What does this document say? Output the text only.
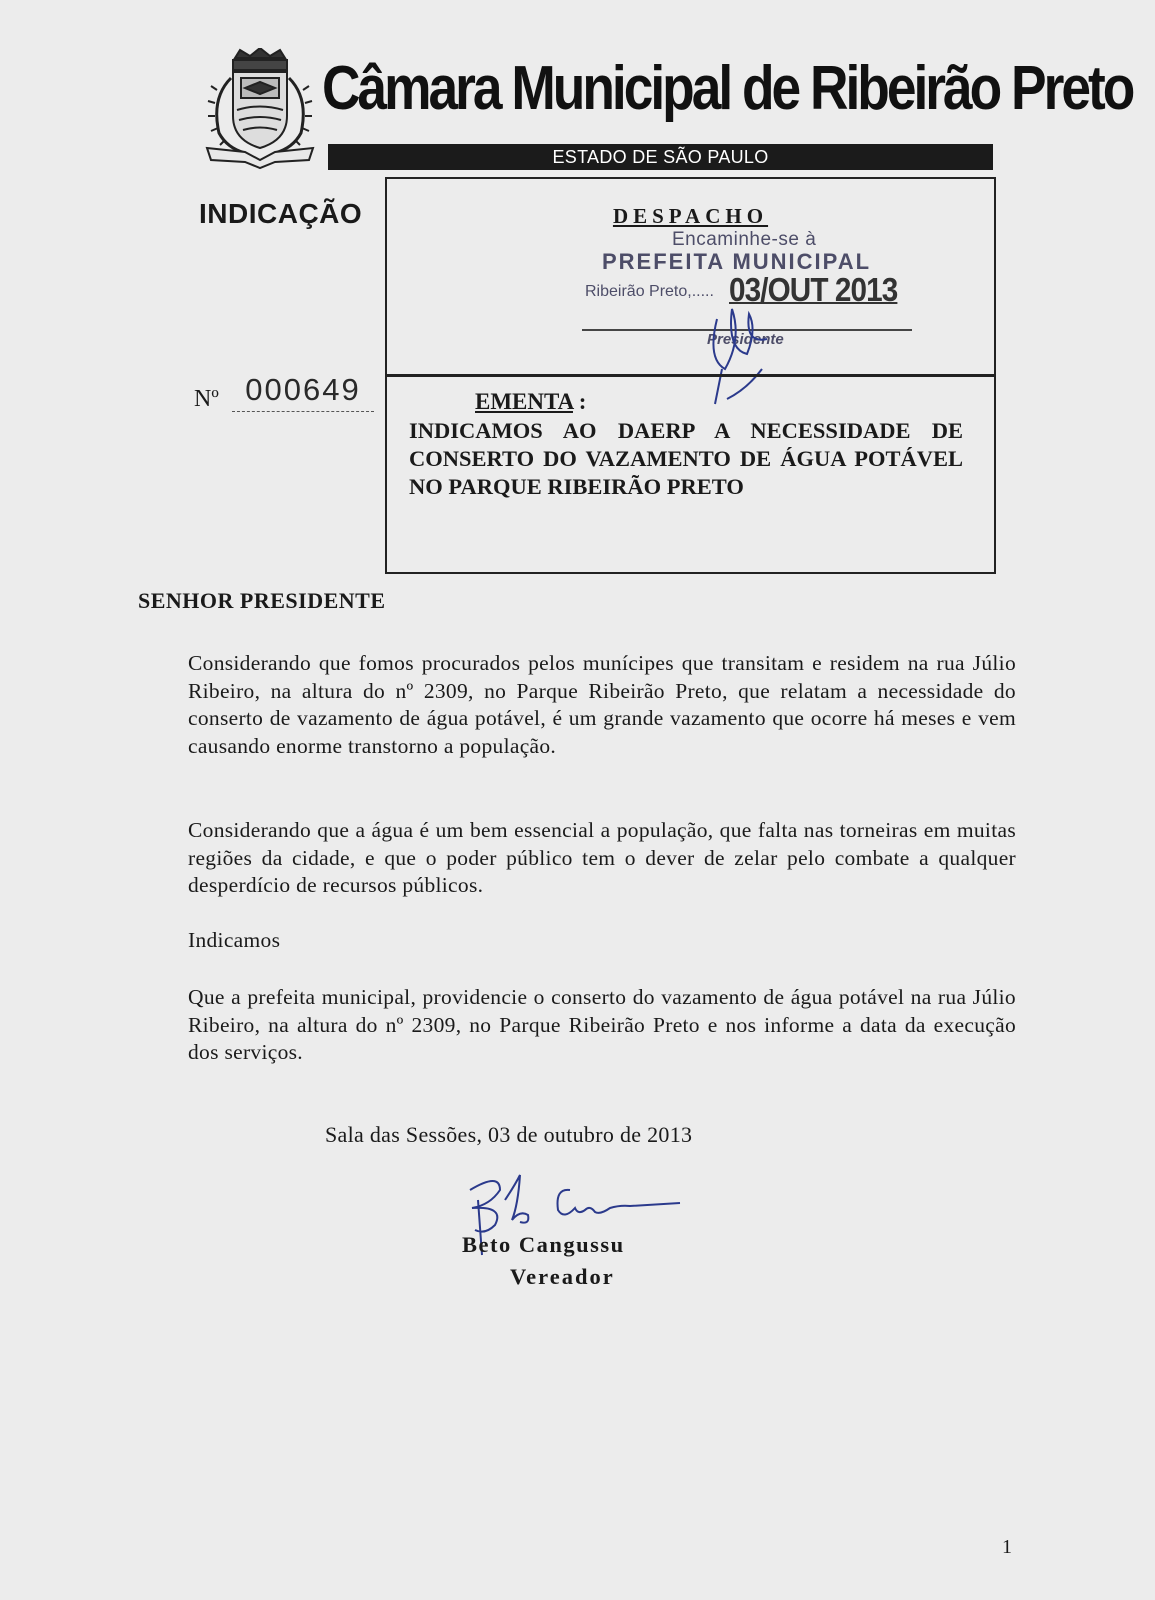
Câmara Municipal de Ribeirão Preto
ESTADO DE SÃO PAULO
INDICAÇÃO
Nº 000649
DESPACHO
Encaminhe-se à
PREFEITA MUNICIPAL
Ribeirão Preto,..... 03/OUT 2013
Presidente
EMENTA :
INDICAMOS AO DAERP A NECESSIDADE DE CONSERTO DO VAZAMENTO DE ÁGUA POTÁVEL NO PARQUE RIBEIRÃO PRETO
SENHOR PRESIDENTE
Considerando que fomos procurados pelos munícipes que transitam e residem na rua Júlio Ribeiro, na altura do nº 2309, no Parque Ribeirão Preto, que relatam a necessidade do conserto de vazamento de água potável, é um grande vazamento que ocorre há meses e vem causando enorme transtorno a população.
Considerando que a água é um bem essencial a população, que falta nas torneiras em muitas regiões da cidade, e que o poder público tem o dever de zelar pelo combate a qualquer desperdício de recursos públicos.
Indicamos
Que a prefeita municipal, providencie o conserto do vazamento de água potável na rua Júlio Ribeiro, na altura do nº 2309, no Parque Ribeirão Preto e nos informe a data da execução dos serviços.
Sala das Sessões, 03 de outubro de 2013
Beto Cangussu
Vereador
1
